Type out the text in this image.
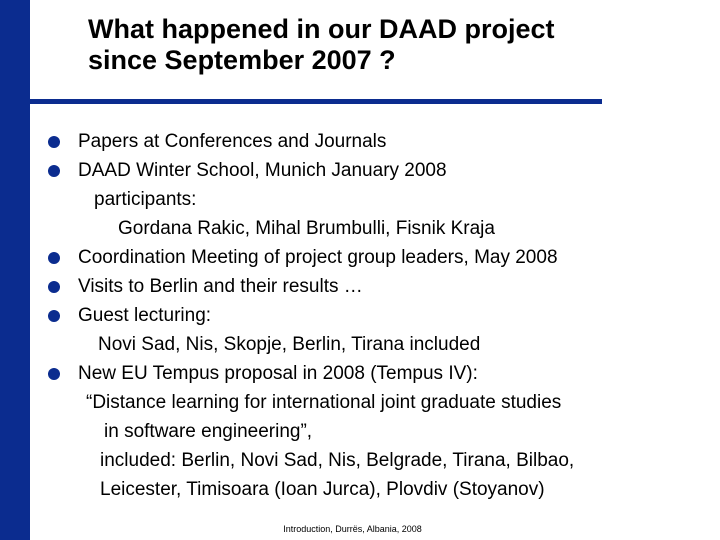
What happened in our DAAD project
since September 2007 ?
Papers at Conferences and Journals
DAAD Winter School, Munich January 2008
participants:
Gordana Rakic, Mihal Brumbulli, Fisnik Kraja
Coordination Meeting of project group leaders, May 2008
Visits to Berlin and their results …
Guest lecturing:
Novi Sad, Nis, Skopje, Berlin, Tirana included
New EU Tempus proposal in 2008 (Tempus IV):
“Distance learning for international joint graduate studies
in software engineering”,
included: Berlin, Novi Sad, Nis, Belgrade, Tirana, Bilbao,
Leicester, Timisoara (Ioan Jurca), Plovdiv (Stoyanov)
Introduction, Durrës, Albania, 2008
